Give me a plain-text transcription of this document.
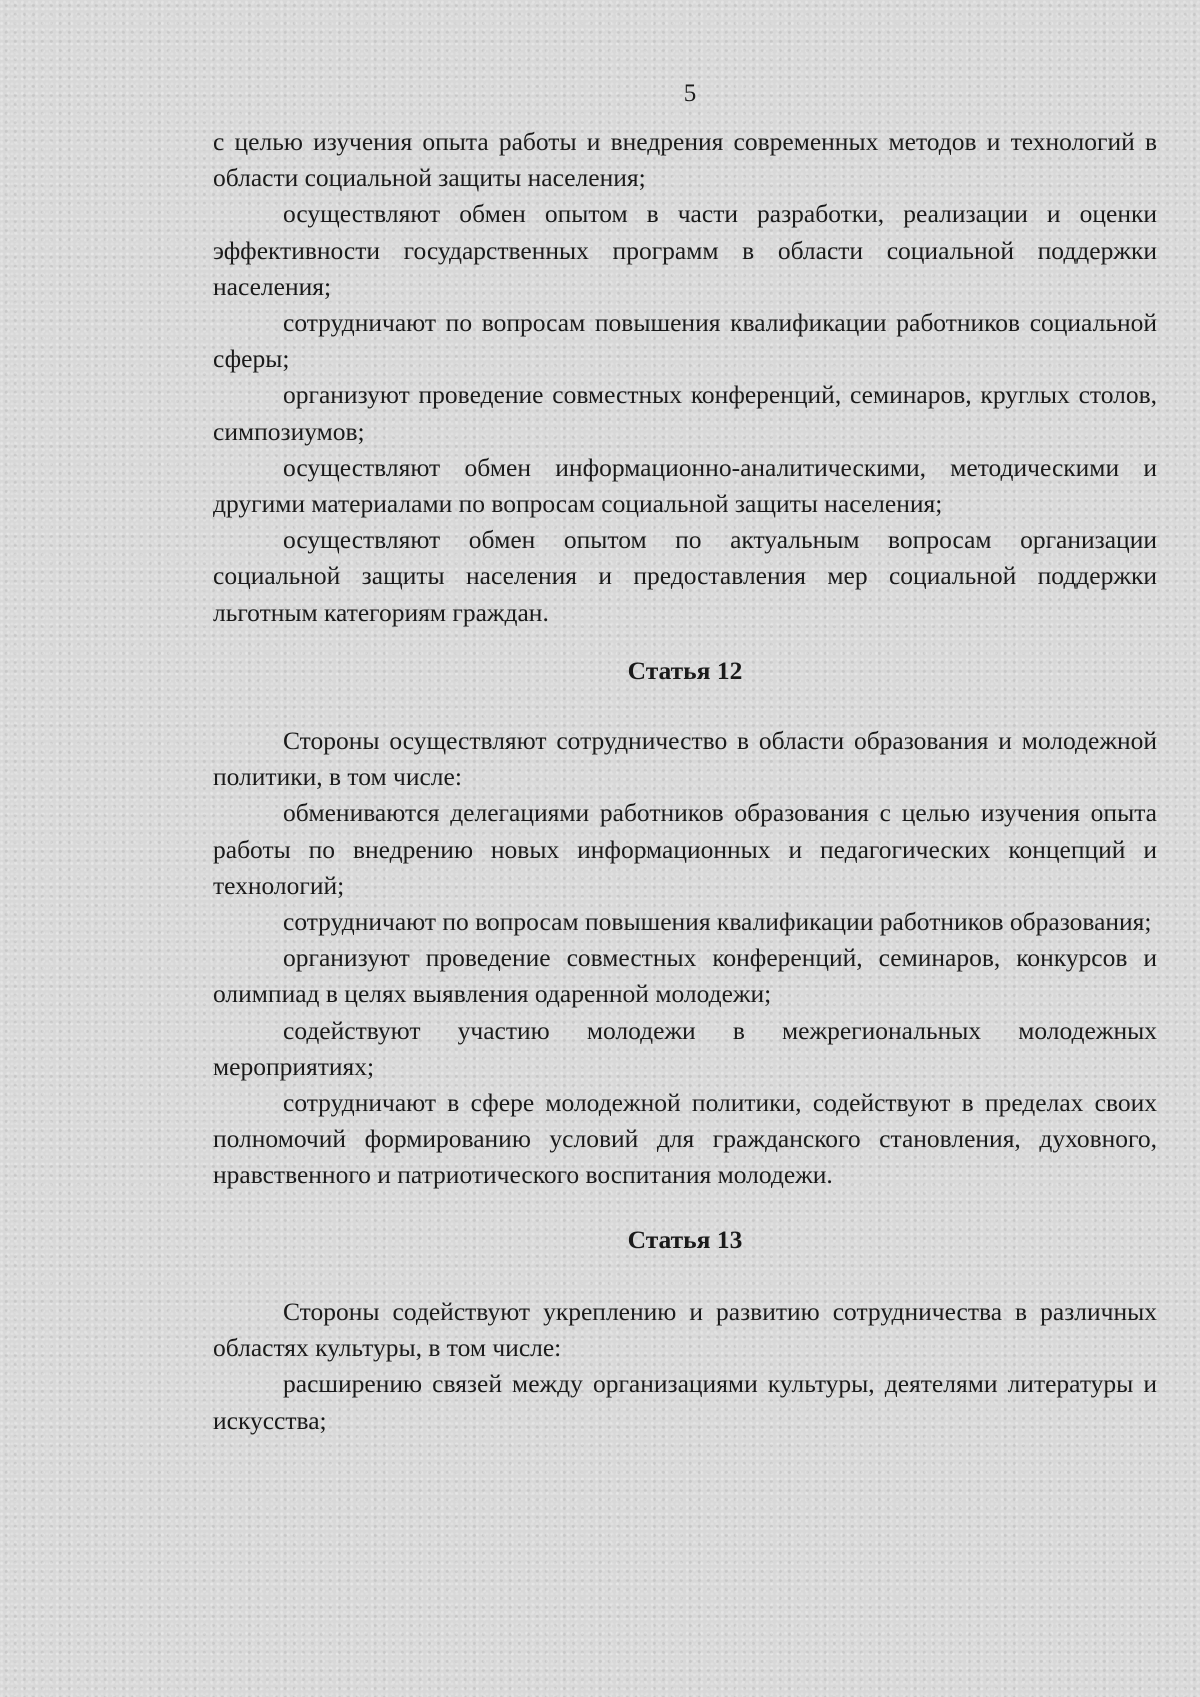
5

с целью изучения опыта работы и внедрения современных методов и технологий в области социальной защиты населения;

осуществляют обмен опытом в части разработки, реализации и оценки эффективности государственных программ в области социальной поддержки населения;

сотрудничают по вопросам повышения квалификации работников социальной сферы;

организуют проведение совместных конференций, семинаров, круглых столов, симпозиумов;

осуществляют обмен информационно-аналитическими, методическими и другими материалами по вопросам социальной защиты населения;

осуществляют обмен опытом по актуальным вопросам организации социальной защиты населения и предоставления мер социальной поддержки льготным категориям граждан.

Статья 12

Стороны осуществляют сотрудничество в области образования и молодежной политики, в том числе:

обмениваются делегациями работников образования с целью изучения опыта работы по внедрению новых информационных и педагогических концепций и технологий;

сотрудничают по вопросам повышения квалификации работников образования;

организуют проведение совместных конференций, семинаров, конкурсов и олимпиад в целях выявления одаренной молодежи;

содействуют участию молодежи в межрегиональных молодежных мероприятиях;

сотрудничают в сфере молодежной политики, содействуют в пределах своих полномочий формированию условий для гражданского становления, духовного, нравственного и патриотического воспитания молодежи.

Статья 13

Стороны содействуют укреплению и развитию сотрудничества в различных областях культуры, в том числе:

расширению связей между организациями культуры, деятелями литературы и искусства;
